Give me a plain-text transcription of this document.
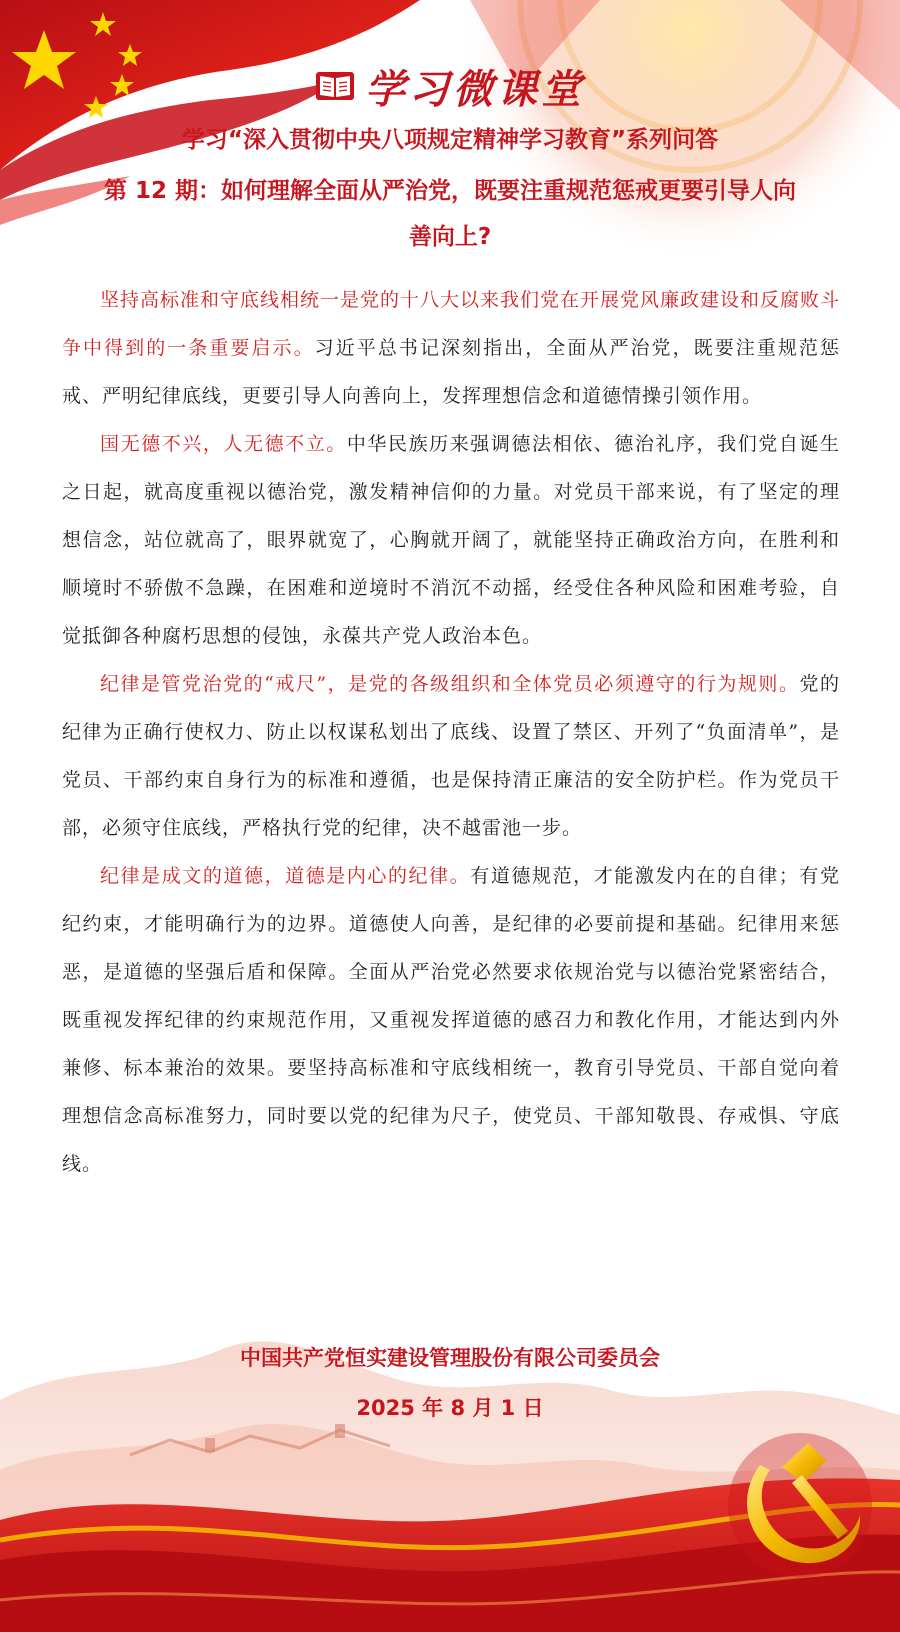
学习微课堂
学习“深入贯彻中央八项规定精神学习教育”系列问答
第 12 期：如何理解全面从严治党，既要注重规范惩戒更要引导人向善向上?

坚持高标准和守底线相统一是党的十八大以来我们党在开展党风廉政建设和反腐败斗争中得到的一条重要启示。习近平总书记深刻指出，全面从严治党，既要注重规范惩戒、严明纪律底线，更要引导人向善向上，发挥理想信念和道德情操引领作用。

国无德不兴，人无德不立。中华民族历来强调德法相依、德治礼序，我们党自诞生之日起，就高度重视以德治党，激发精神信仰的力量。对党员干部来说，有了坚定的理想信念，站位就高了，眼界就宽了，心胸就开阔了，就能坚持正确政治方向，在胜利和顺境时不骄傲不急躁，在困难和逆境时不消沉不动摇，经受住各种风险和困难考验，自觉抵御各种腐朽思想的侵蚀，永葆共产党人政治本色。

纪律是管党治党的“戒尺”，是党的各级组织和全体党员必须遵守的行为规则。党的纪律为正确行使权力、防止以权谋私划出了底线、设置了禁区、开列了“负面清单”，是党员、干部约束自身行为的标准和遵循，也是保持清正廉洁的安全防护栏。作为党员干部，必须守住底线，严格执行党的纪律，决不越雷池一步。

纪律是成文的道德，道德是内心的纪律。有道德规范，才能激发内在的自律；有党纪约束，才能明确行为的边界。道德使人向善，是纪律的必要前提和基础。纪律用来惩恶，是道德的坚强后盾和保障。全面从严治党必然要求依规治党与以德治党紧密结合，既重视发挥纪律的约束规范作用，又重视发挥道德的感召力和教化作用，才能达到内外兼修、标本兼治的效果。要坚持高标准和守底线相统一，教育引导党员、干部自觉向着理想信念高标准努力，同时要以党的纪律为尺子，使党员、干部知敬畏、存戒惧、守底线。

中国共产党恒实建设管理股份有限公司委员会
2025 年 8 月 1 日
